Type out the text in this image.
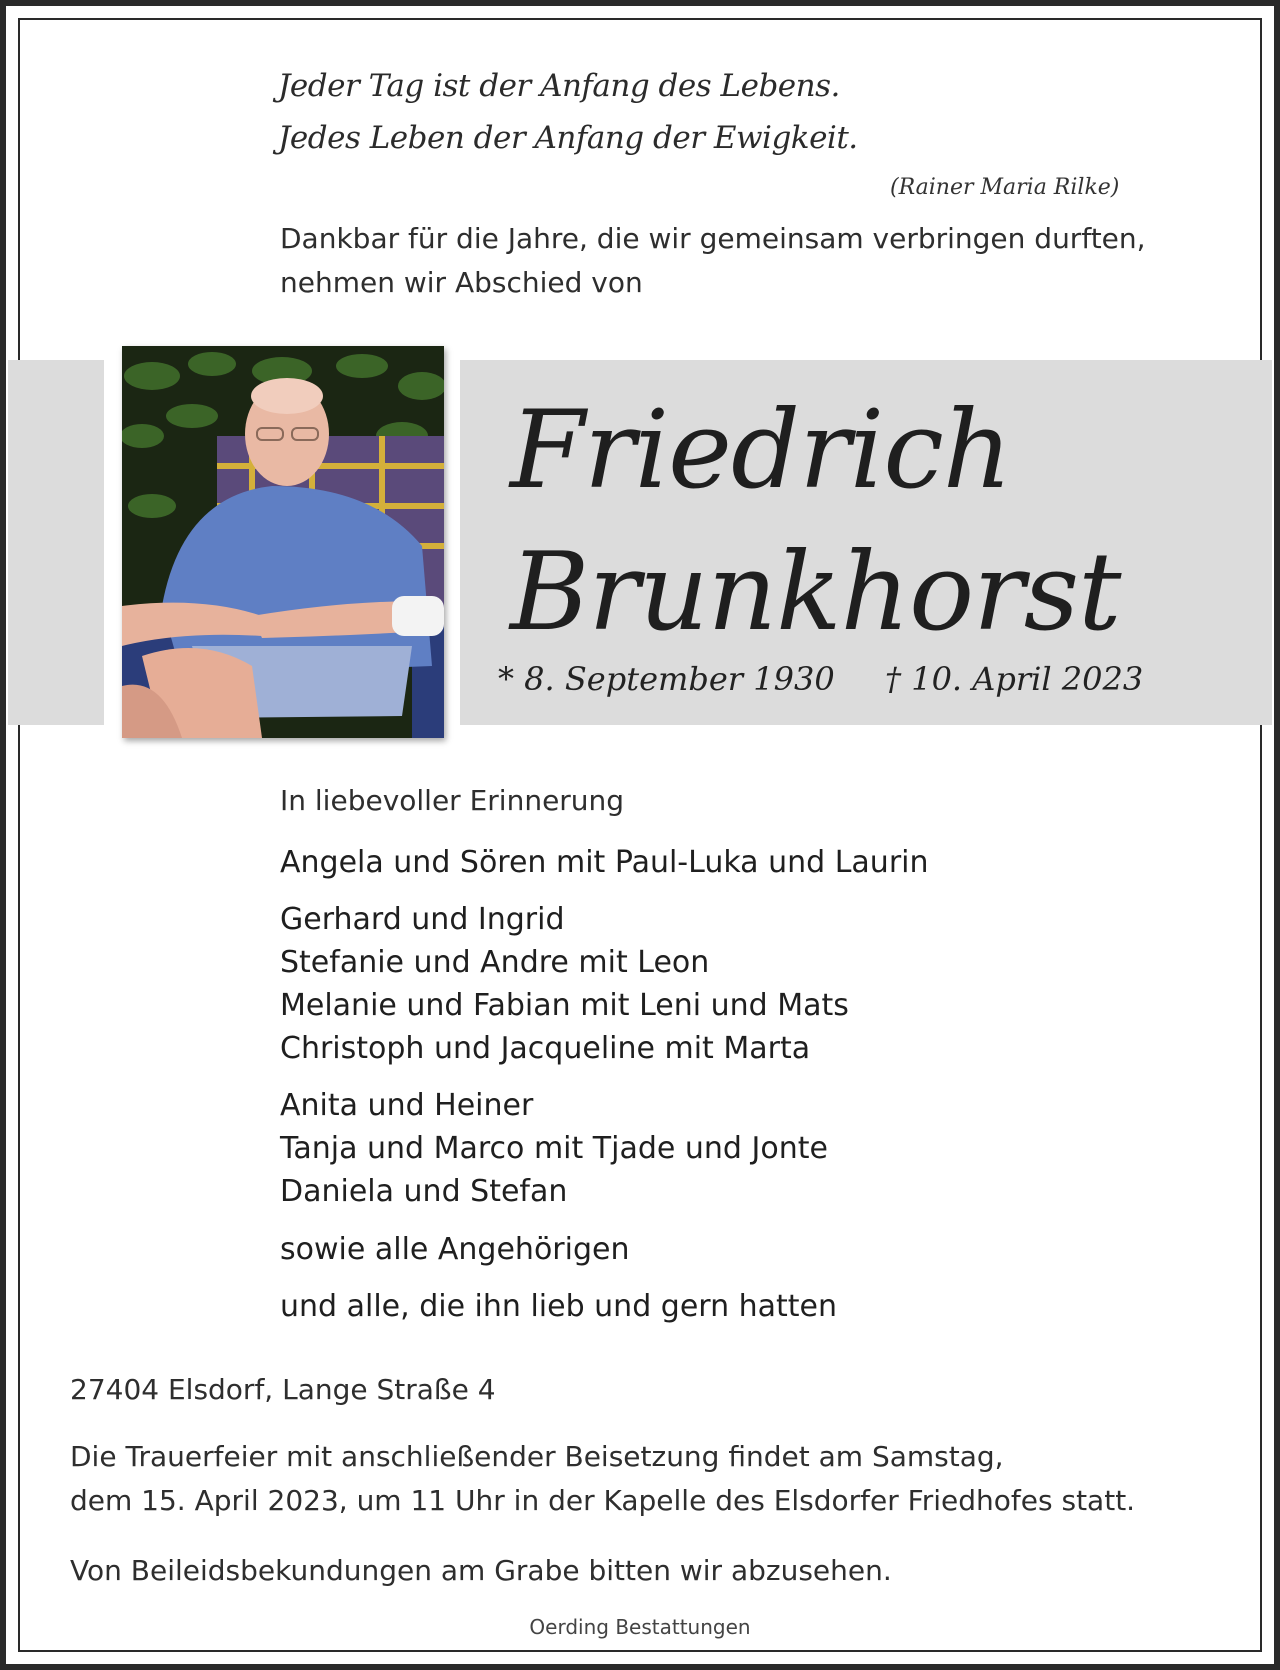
Jeder Tag ist der Anfang des Lebens.
Jedes Leben der Anfang der Ewigkeit.
(Rainer Maria Rilke)
Dankbar für die Jahre, die wir gemeinsam verbringen durften,
nehmen wir Abschied von
Friedrich
Brunkhorst
* 8. September 1930 † 10. April 2023
In liebevoller Erinnerung
Angela und Sören mit Paul-Luka und Laurin
Gerhard und Ingrid
Stefanie und Andre mit Leon
Melanie und Fabian mit Leni und Mats
Christoph und Jacqueline mit Marta
Anita und Heiner
Tanja und Marco mit Tjade und Jonte
Daniela und Stefan
sowie alle Angehörigen
und alle, die ihn lieb und gern hatten
27404 Elsdorf, Lange Straße 4
Die Trauerfeier mit anschließender Beisetzung findet am Samstag,
dem 15. April 2023, um 11 Uhr in der Kapelle des Elsdorfer Friedhofes statt.
Von Beileidsbekundungen am Grabe bitten wir abzusehen.
Oerding Bestattungen
